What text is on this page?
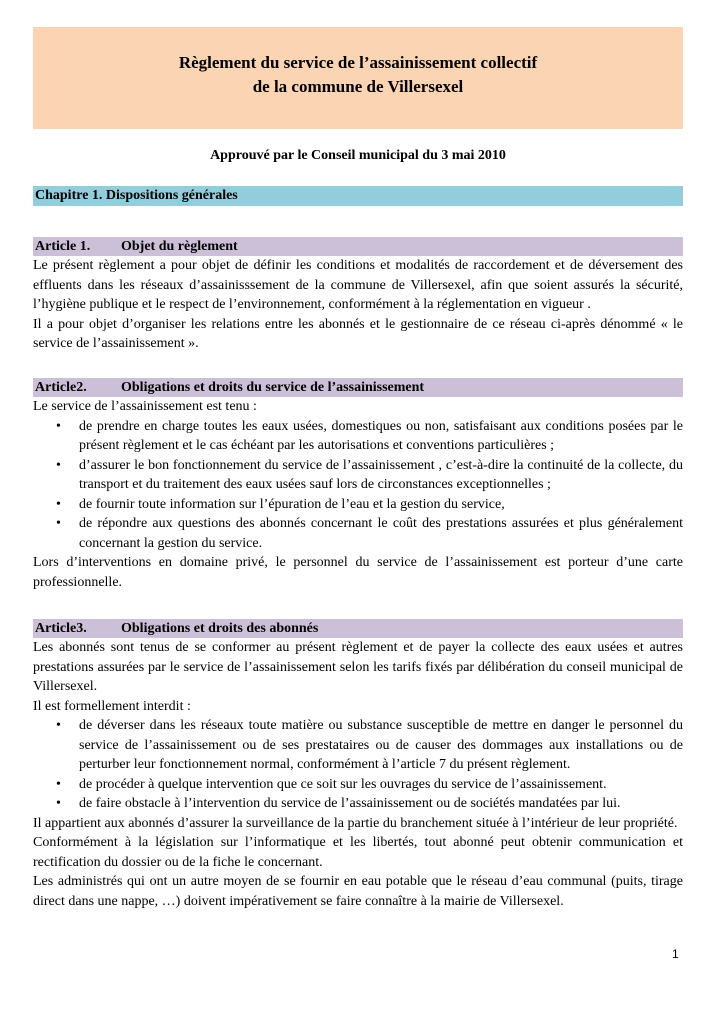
Règlement du service de l’assainissement collectif
de la commune de Villersexel
Approuvé par le Conseil municipal du 3 mai 2010
Chapitre 1. Dispositions générales
Article 1. Objet du règlement

Le présent règlement a pour objet de définir les conditions et modalités de raccordement et de déversement des effluents dans les réseaux d’assainisssement de la commune de Villersexel, afin que soient assurés la sécurité, l’hygiène publique et le respect de l’environnement, conformément à la réglementation en vigueur .

Il a pour objet d’organiser les relations entre les abonnés et le gestionnaire de ce réseau ci-après dénommé « le service de l’assainissement ».

Article2. Obligations et droits du service de l’assainissement

Le service de l’assainissement est tenu :

• de prendre en charge toutes les eaux usées, domestiques ou non, satisfaisant aux conditions posées par le présent règlement et le cas échéant par les autorisations et conventions particulières ;
• d’assurer le bon fonctionnement du service de l’assainissement , c’est-à-dire la continuité de la collecte, du transport et du traitement des eaux usées sauf lors de circonstances exceptionnelles ;
• de fournir toute information sur l’épuration de l’eau et la gestion du service,
• de répondre aux questions des abonnés concernant le coût des prestations assurées et plus généralement concernant la gestion du service.

Lors d’interventions en domaine privé, le personnel du service de l’assainissement est porteur d’une carte professionnelle.

Article3. Obligations et droits des abonnés

Les abonnés sont tenus de se conformer au présent règlement et de payer la collecte des eaux usées et autres prestations assurées par le service de l’assainissement selon les tarifs fixés par délibération du conseil municipal de Villersexel.

Il est formellement interdit :

• de déverser dans les réseaux toute matière ou substance susceptible de mettre en danger le personnel du service de l’assainissement ou de ses prestataires ou de causer des dommages aux installations ou de perturber leur fonctionnement normal, conformément à l’article 7 du présent règlement.
• de procéder à quelque intervention que ce soit sur les ouvrages du service de l’assainissement.
• de faire obstacle à l’intervention du service de l’assainissement ou de sociétés mandatées par lui.

Il appartient aux abonnés d’assurer la surveillance de la partie du branchement située à l’intérieur de leur propriété.

Conformément à la législation sur l’informatique et les libertés, tout abonné peut obtenir communication et rectification du dossier ou de la fiche le concernant.

Les administrés qui ont un autre moyen de se fournir en eau potable que le réseau d’eau communal (puits, tirage direct dans une nappe, …) doivent impérativement se faire connaître à la mairie de Villersexel.

1
